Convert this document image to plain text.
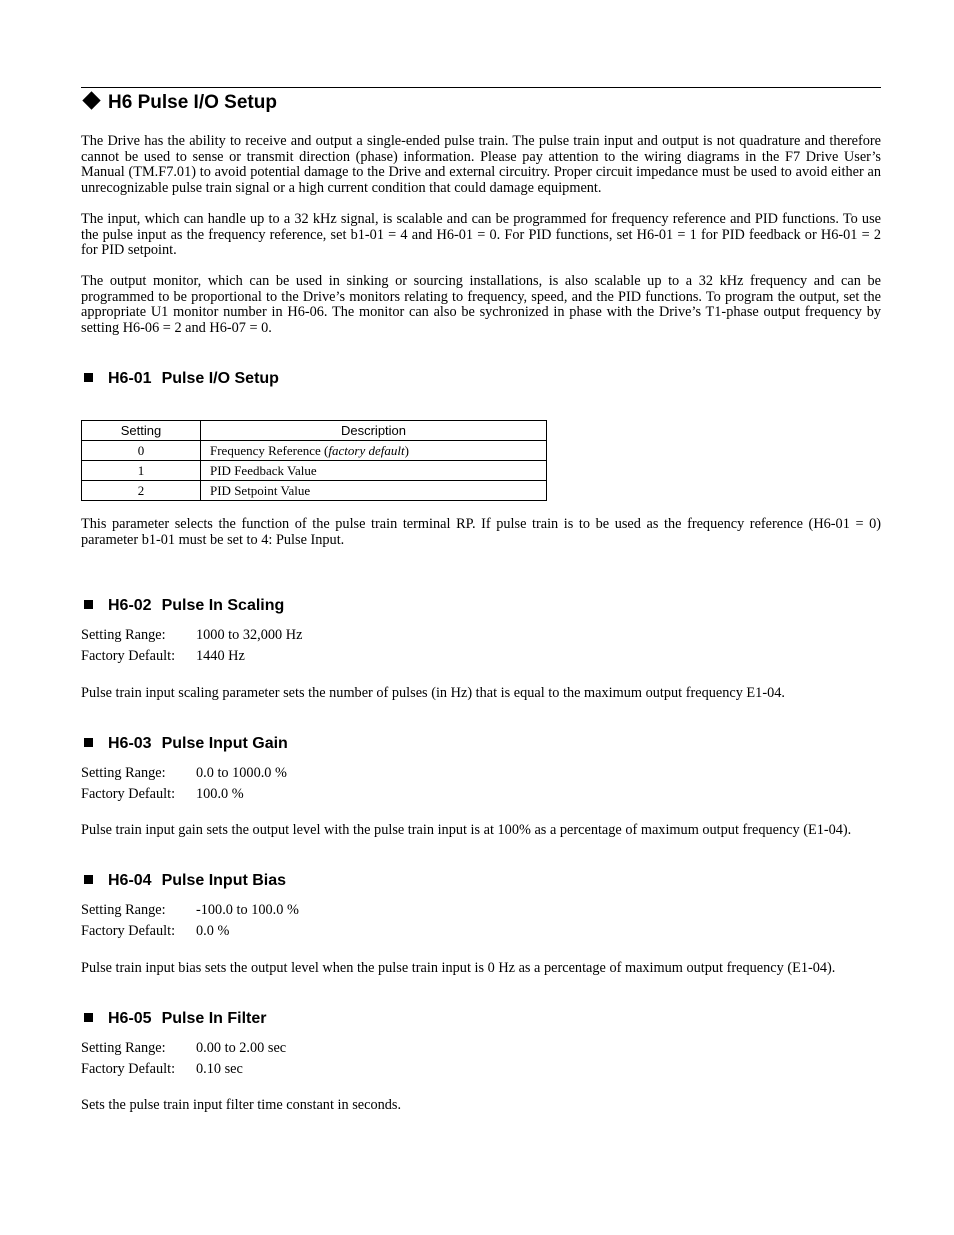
H6 Pulse I/O Setup

The Drive has the ability to receive and output a single-ended pulse train. The pulse train input and output is not quadrature and therefore cannot be used to sense or transmit direction (phase) information. Please pay attention to the wiring diagrams in the F7 Drive User’s Manual (TM.F7.01) to avoid potential damage to the Drive and external circuitry. Proper circuit impedance must be used to avoid either an unrecognizable pulse train signal or a high current condition that could damage equipment.

The input, which can handle up to a 32 kHz signal, is scalable and can be programmed for frequency reference and PID functions. To use the pulse input as the frequency reference, set b1-01 = 4 and H6-01 = 0. For PID functions, set H6-01 = 1 for PID feedback or H6-01 = 2 for PID setpoint.

The output monitor, which can be used in sinking or sourcing installations, is also scalable up to a 32 kHz frequency and can be programmed to be proportional to the Drive’s monitors relating to frequency, speed, and the PID functions. To program the output, set the appropriate U1 monitor number in H6-06. The monitor can also be sychronized in phase with the Drive’s T1-phase output frequency by setting H6-06 = 2 and H6-07 = 0.

H6-01 Pulse I/O Setup
Setting	Description
0	Frequency Reference (factory default)
1	PID Feedback Value
2	PID Setpoint Value

This parameter selects the function of the pulse train terminal RP. If pulse train is to be used as the frequency reference (H6-01 = 0) parameter b1-01 must be set to 4: Pulse Input.

H6-02 Pulse In Scaling
Setting Range:	1000 to 32,000 Hz
Factory Default:	1440 Hz

Pulse train input scaling parameter sets the number of pulses (in Hz) that is equal to the maximum output frequency E1-04.

H6-03 Pulse Input Gain
Setting Range:	0.0 to 1000.0 %
Factory Default:	100.0 %

Pulse train input gain sets the output level with the pulse train input is at 100% as a percentage of maximum output frequency (E1-04).

H6-04 Pulse Input Bias
Setting Range:	-100.0 to 100.0 %
Factory Default:	0.0 %

Pulse train input bias sets the output level when the pulse train input is 0 Hz as a percentage of maximum output frequency (E1-04).

H6-05 Pulse In Filter
Setting Range:	0.00 to 2.00 sec
Factory Default:	0.10 sec

Sets the pulse train input filter time constant in seconds.
